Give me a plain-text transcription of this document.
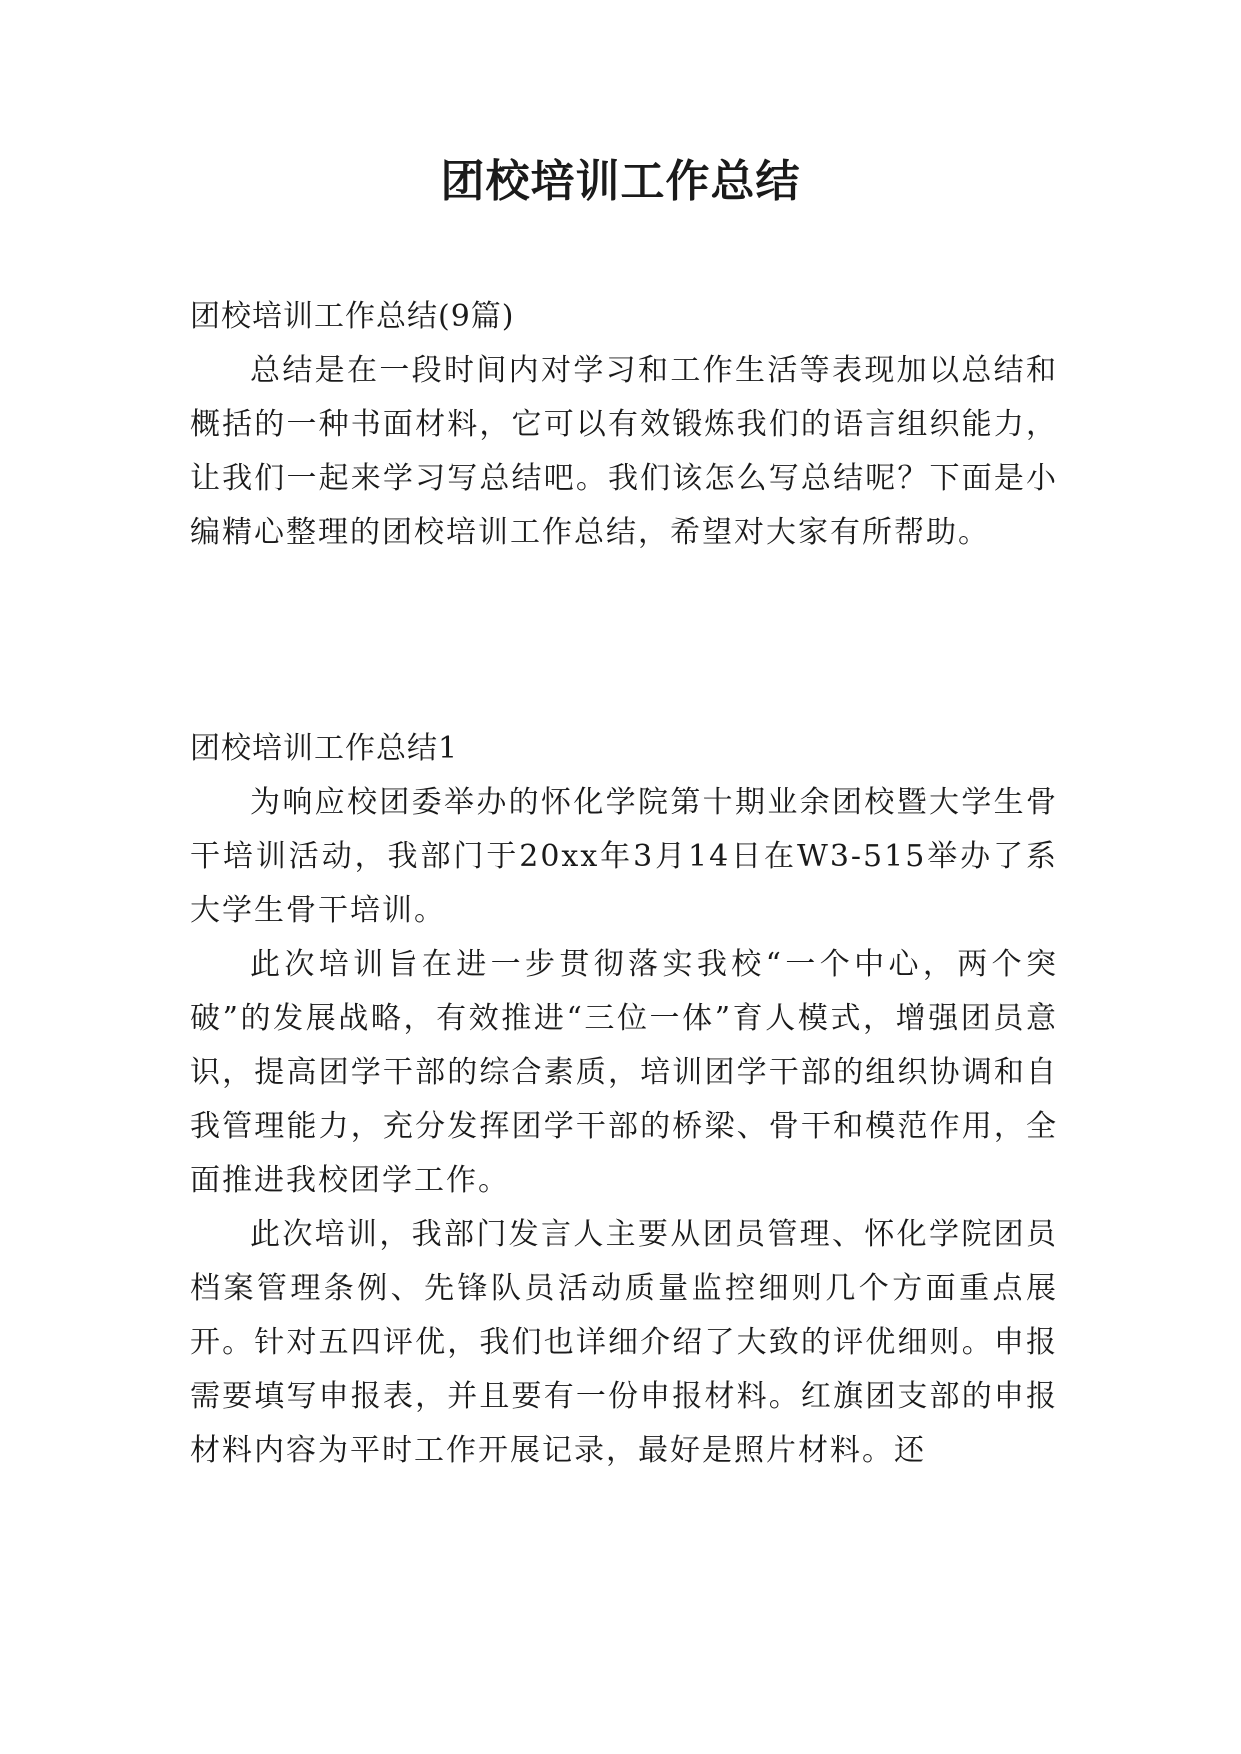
团校培训工作总结

团校培训工作总结(9篇)

总结是在一段时间内对学习和工作生活等表现加以总结和概括的一种书面材料，它可以有效锻炼我们的语言组织能力，让我们一起来学习写总结吧。我们该怎么写总结呢？下面是小编精心整理的团校培训工作总结，希望对大家有所帮助。

团校培训工作总结1

为响应校团委举办的怀化学院第十期业余团校暨大学生骨干培训活动，我部门于20xx年3月14日在W3-515举办了系大学生骨干培训。

此次培训旨在进一步贯彻落实我校“一个中心，两个突破”的发展战略，有效推进“三位一体”育人模式，增强团员意识，提高团学干部的综合素质，培训团学干部的组织协调和自我管理能力，充分发挥团学干部的桥梁、骨干和模范作用，全面推进我校团学工作。

此次培训，我部门发言人主要从团员管理、怀化学院团员档案管理条例、先锋队员活动质量监控细则几个方面重点展开。针对五四评优，我们也详细介绍了大致的评优细则。申报需要填写申报表，并且要有一份申报材料。红旗团支部的申报材料内容为平时工作开展记录，最好是照片材料。还
